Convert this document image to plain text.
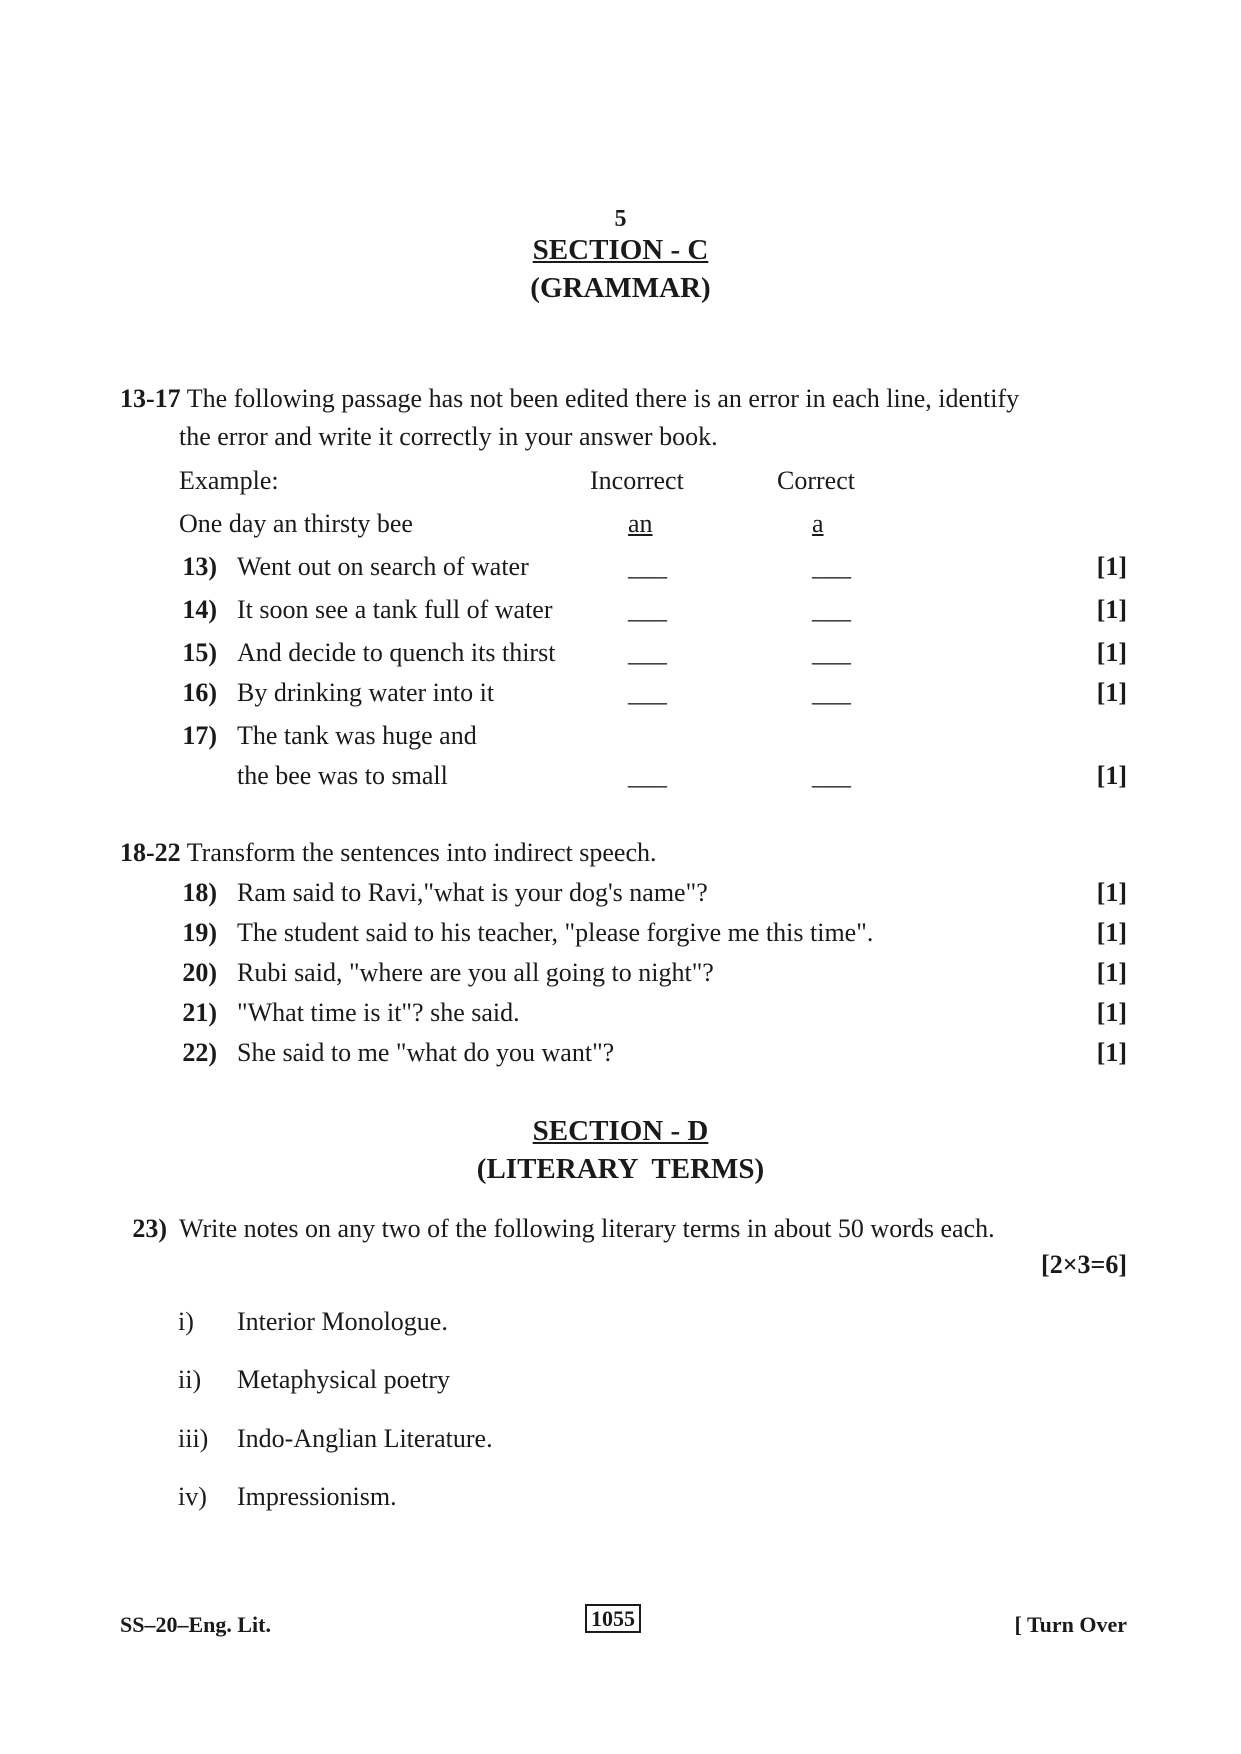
5
SECTION - C
(GRAMMAR)
13-17 The following passage has not been edited there is an error in each line, identify
the error and write it correctly in your answer book.
Example:	Incorrect	Correct
One day an thirsty bee	an	a
13) Went out on search of water	___	___	[1]
14) It soon see a tank full of water	___	___	[1]
15) And decide to quench its thirst	___	___	[1]
16) By drinking water into it	___	___	[1]
17) The tank was huge and
the bee was to small	___	___	[1]
18-22 Transform the sentences into indirect speech.
18) Ram said to Ravi,"what is your dog's name"?	[1]
19) The student said to his teacher, "please forgive me this time".	[1]
20) Rubi said, "where are you all going to night"?	[1]
21) "What time is it"? she said.	[1]
22) She said to me "what do you want"?	[1]
SECTION - D
(LITERARY  TERMS)
23) Write notes on any two of the following literary terms in about 50 words each.
[2×3=6]
i) Interior Monologue.
ii) Metaphysical poetry
iii) Indo-Anglian Literature.
iv) Impressionism.
SS–20–Eng. Lit.	1055	[ Turn Over
